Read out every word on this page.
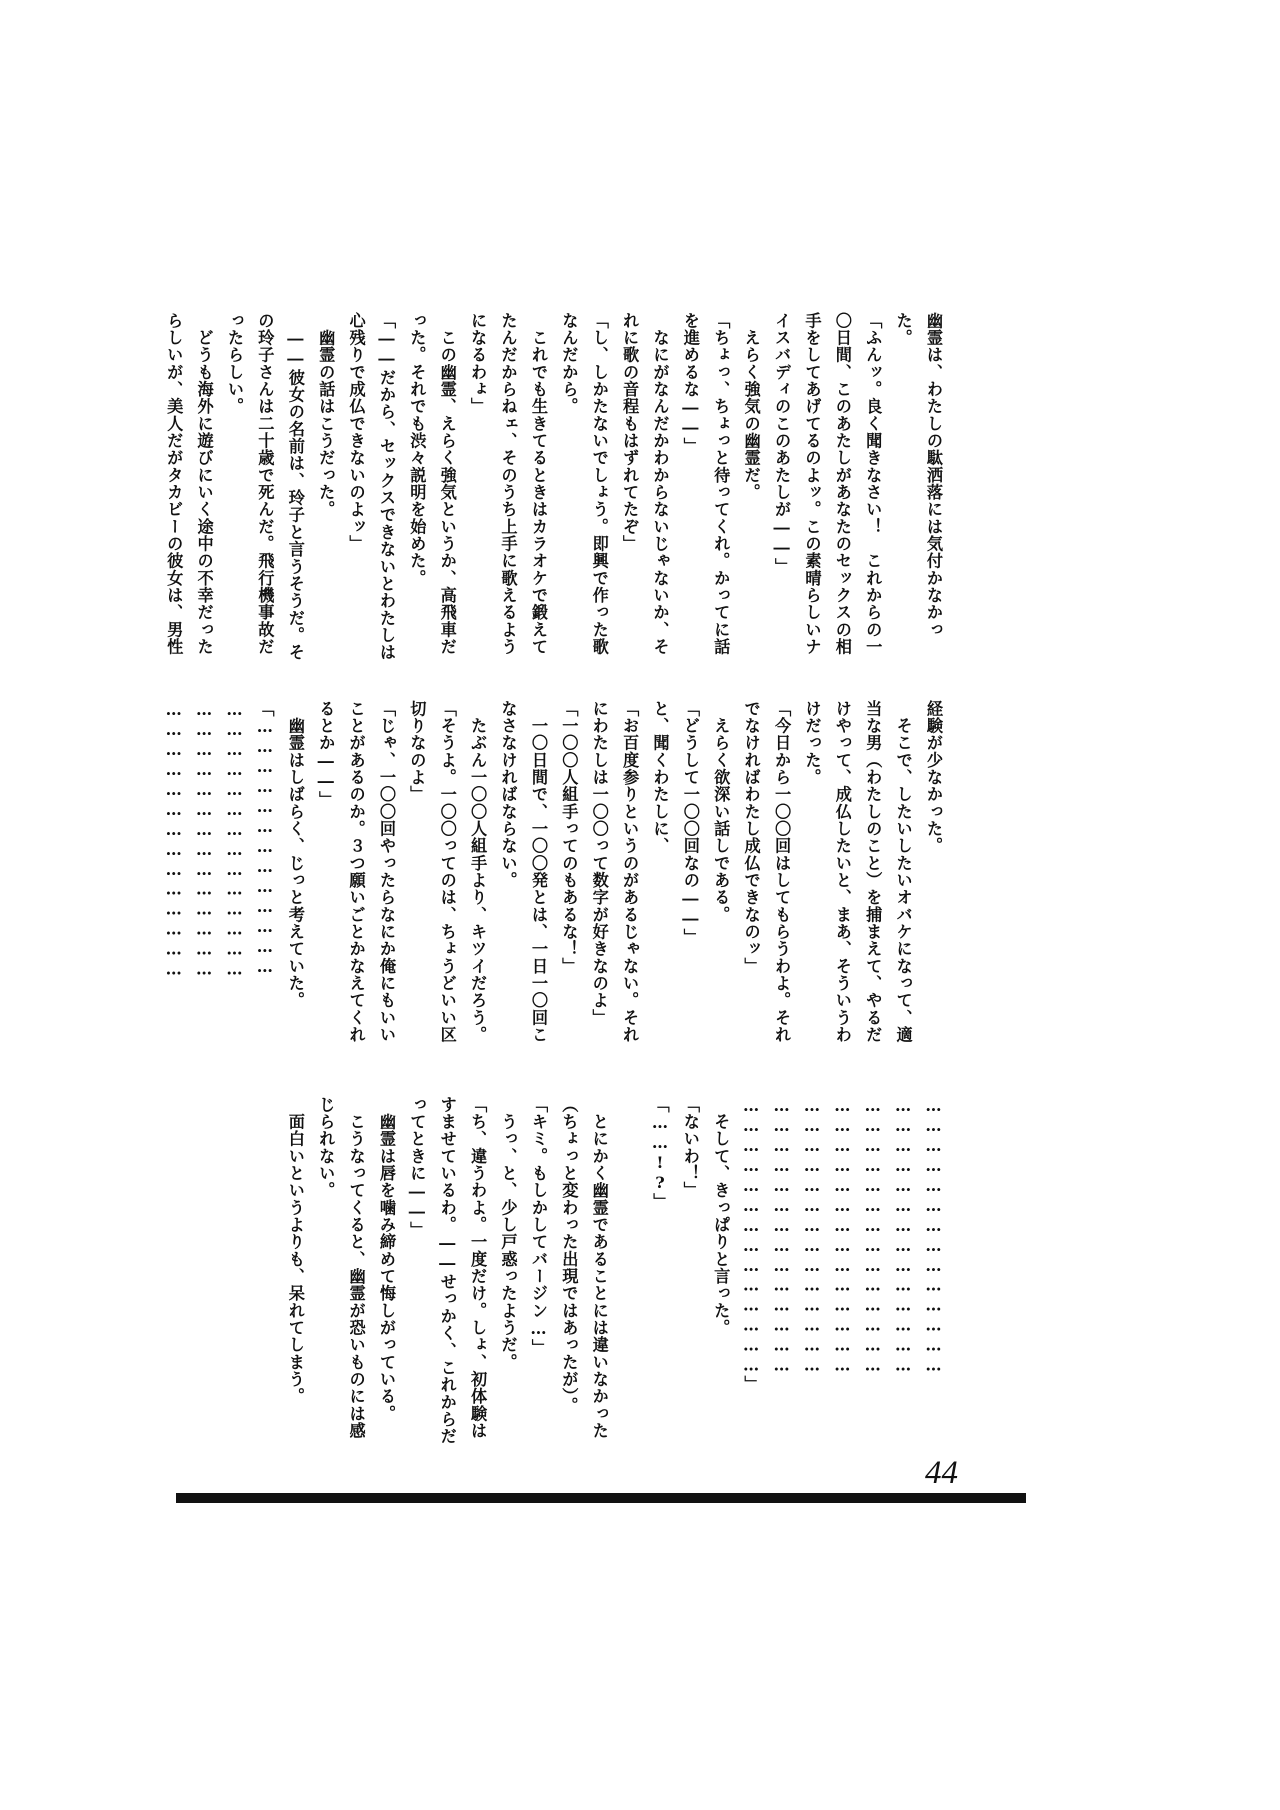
幽霊は、わたしの駄洒落には気付かなかっ
た。
「ふんッ。良く聞きなさい！　これからの一
〇日間、このあたしがあなたのセックスの相
手をしてあげてるのよッ。この素晴らしいナ
イスバディのこのあたしが――」
　えらく強気の幽霊だ。
「ちょっ、ちょっと待ってくれ。かってに話
を進めるな――」
　なにがなんだかわからないじゃないか、そ
れに歌の音程もはずれてたぞ」
「し、しかたないでしょう。即興で作った歌
なんだから。
　これでも生きてるときはカラオケで鍛えて
たんだからねェ、そのうち上手に歌えるよう
になるわょ」
　この幽霊、えらく強気というか、高飛車だ
った。それでも渋々説明を始めた。
「――だから、セックスできないとわたしは
心残りで成仏できないのよッ」
　幽霊の話はこうだった。
　――彼女の名前は、玲子と言うそうだ。そ
の玲子さんは二十歳で死んだ。飛行機事故だ
ったらしい。
　どうも海外に遊びにいく途中の不幸だった
らしいが、美人だがタカビーの彼女は、男性
経験が少なかった。
　そこで、したいしたいオバケになって、適
当な男（わたしのこと）を捕まえて、やるだ
けやって、成仏したいと、まあ、そういうわ
けだった。
「今日から一〇〇回はしてもらうわよ。それ
でなければわたし成仏できなのッ」
　えらく欲深い話しである。
「どうして一〇〇回なの――」
と、聞くわたしに、
「お百度参りというのがあるじゃない。それ
にわたしは一〇〇って数字が好きなのよ」
「一〇〇人組手ってのもあるな！」
　一〇日間で、一〇〇発とは、一日一〇回こ
なさなければならない。
　たぶん一〇〇人組手より、キツイだろう。
「そうよ。一〇〇ってのは、ちょうどいい区
切りなのよ」
「じゃ、一〇〇回やったらなにか俺にもいい
ことがあるのか。３つ願いごとかなえてくれ
るとか――」
　幽霊はしばらく、じっと考えていた。
「…………………………………
……………………………………
……………………………………
……………………………………
……………………………………
……………………………………
……………………………………
……………………………………
……………………………………
……………………………………
……………………………………」
　そして、きっぱりと言った。
「ないわ！」
「……!?」
　とにかく幽霊であることには違いなかった
（ちょっと変わった出現ではあったが）。
「キミ。もしかしてバージン…」
　うっ、と、少し戸惑ったようだ。
「ち、違うわよ。一度だけ。しょ、初体験は
すませているわ。――せっかく、これからだ
ってときに――」
　幽霊は唇を噛み締めて悔しがっている。
　こうなってくると、幽霊が恐いものには感
じられない。
　面白いというよりも、呆れてしまう。
44
